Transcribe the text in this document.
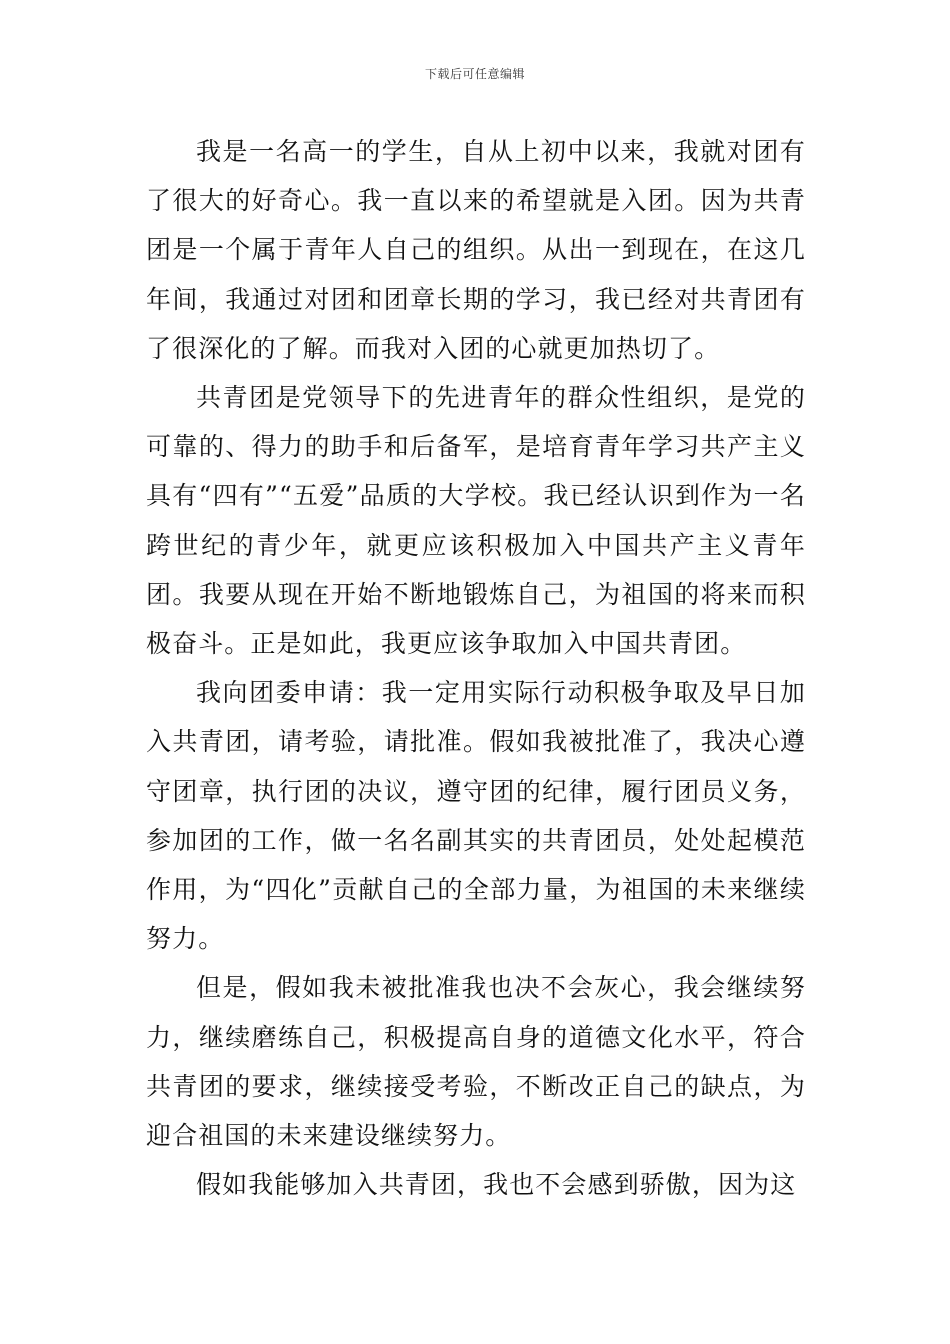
下载后可任意编辑

我是一名高一的学生，自从上初中以来，我就对团有了很大的好奇心。我一直以来的希望就是入团。因为共青团是一个属于青年人自己的组织。从出一到现在，在这几年间，我通过对团和团章长期的学习，我已经对共青团有了很深化的了解。而我对入团的心就更加热切了。

共青团是党领导下的先进青年的群众性组织，是党的可靠的、得力的助手和后备军，是培育青年学习共产主义具有“四有”“五爱”品质的大学校。我已经认识到作为一名跨世纪的青少年，就更应该积极加入中国共产主义青年团。我要从现在开始不断地锻炼自己，为祖国的将来而积极奋斗。正是如此，我更应该争取加入中国共青团。

我向团委申请：我一定用实际行动积极争取及早日加入共青团，请考验，请批准。假如我被批准了，我决心遵守团章，执行团的决议，遵守团的纪律，履行团员义务，参加团的工作，做一名名副其实的共青团员，处处起模范作用，为“四化”贡献自己的全部力量，为祖国的未来继续努力。

但是，假如我未被批准我也决不会灰心，我会继续努力，继续磨练自己，积极提高自身的道德文化水平，符合共青团的要求，继续接受考验，不断改正自己的缺点，为迎合祖国的未来建设继续努力。

假如我能够加入共青团，我也不会感到骄傲，因为这
